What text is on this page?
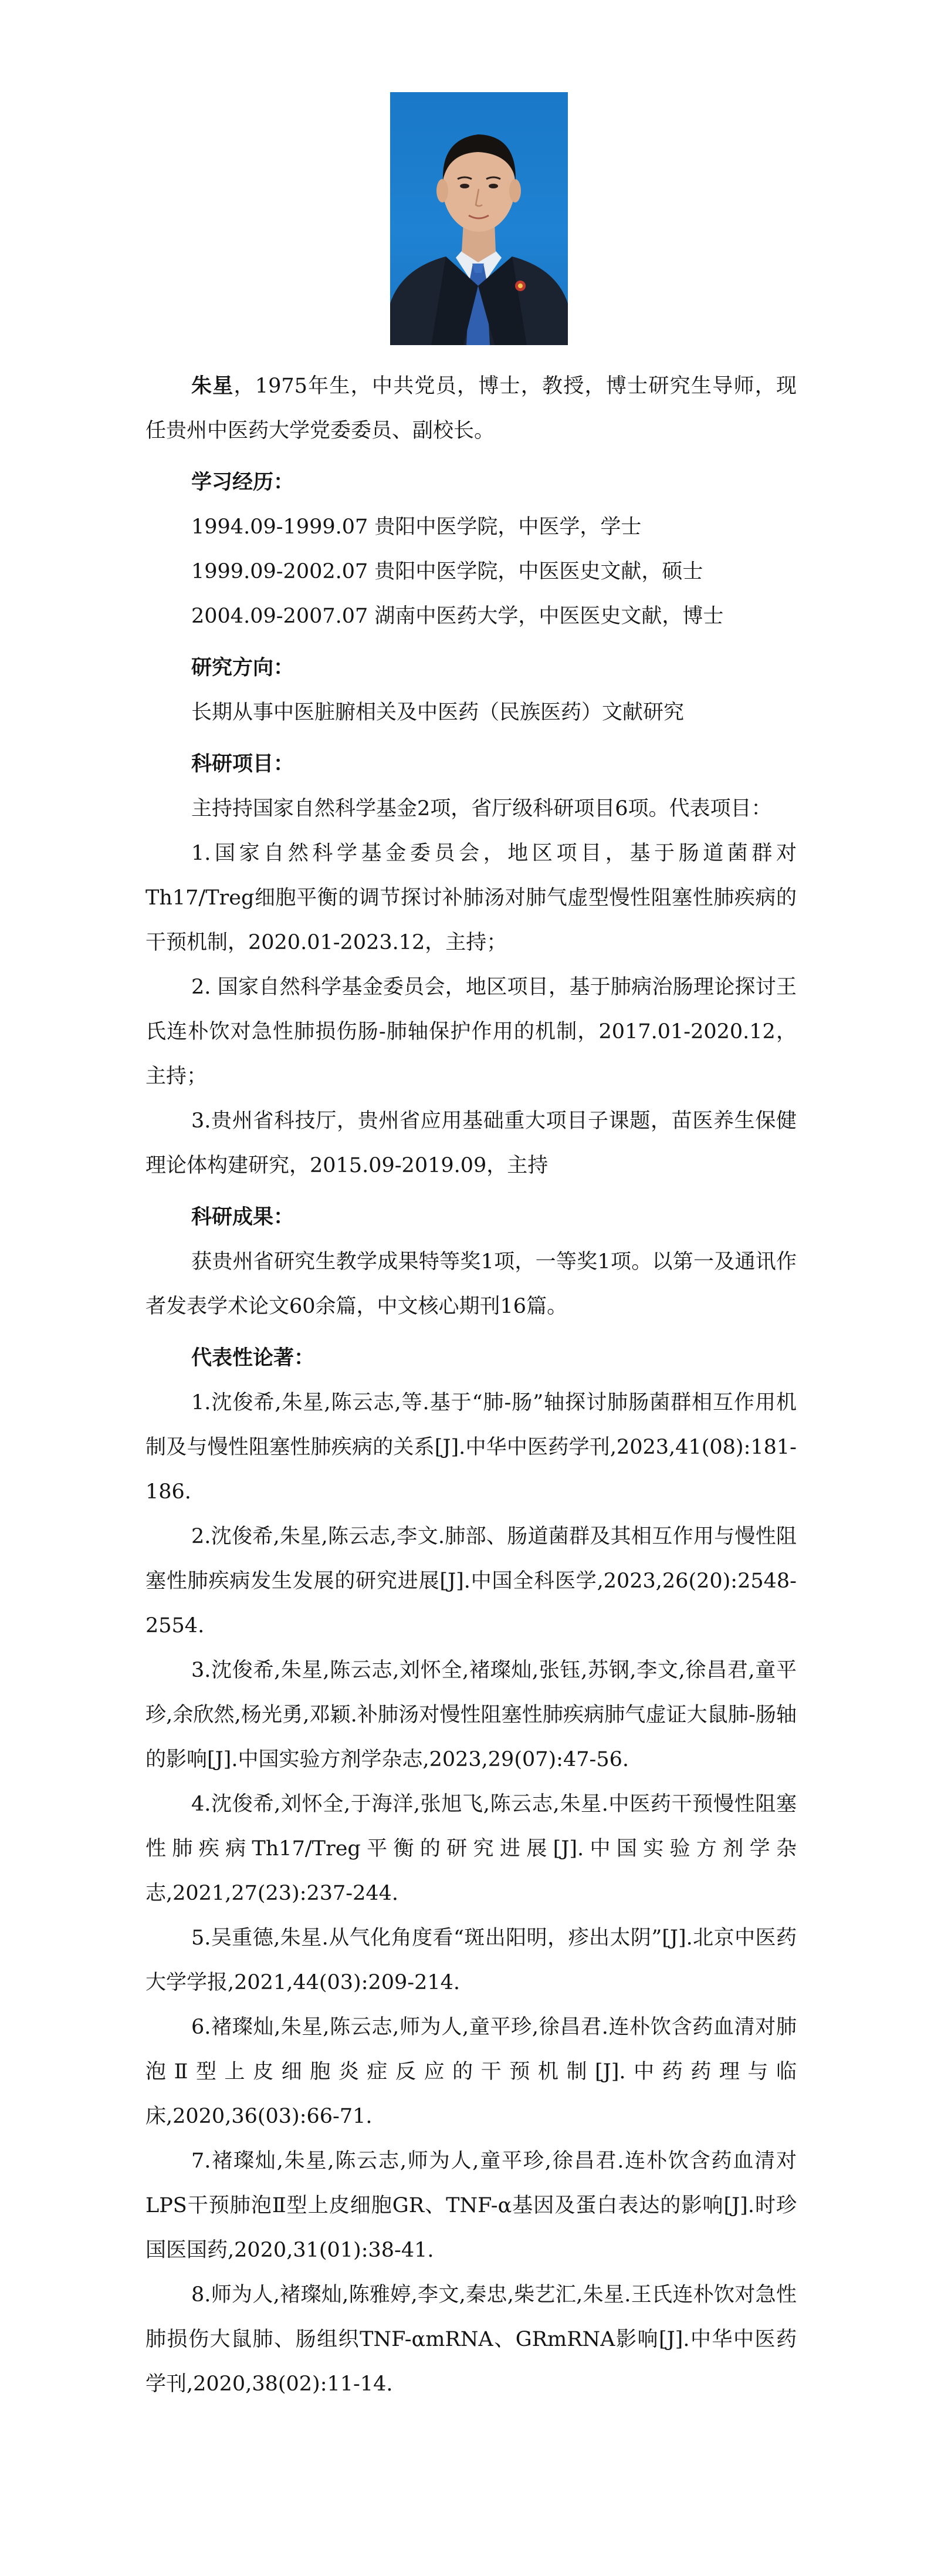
朱星，1975年生，中共党员，博士，教授，博士研究生导师，现任贵州中医药大学党委委员、副校长。

学习经历：
1994.09-1999.07 贵阳中医学院，中医学，学士
1999.09-2002.07 贵阳中医学院，中医医史文献，硕士
2004.09-2007.07 湖南中医药大学，中医医史文献，博士
研究方向：
长期从事中医脏腑相关及中医药（民族医药）文献研究
科研项目：

主持持国家自然科学基金2项，省厅级科研项目6项。代表项目：

1.国家自然科学基金委员会，地区项目，基于肠道菌群对Th17/Treg细胞平衡的调节探讨补肺汤对肺气虚型慢性阻塞性肺疾病的干预机制，2020.01-2023.12，主持；

2. 国家自然科学基金委员会，地区项目，基于肺病治肠理论探讨王氏连朴饮对急性肺损伤肠-肺轴保护作用的机制，2017.01-2020.12，主持；

3.贵州省科技厅，贵州省应用基础重大项目子课题，苗医养生保健理论体构建研究，2015.09-2019.09，主持

科研成果：

获贵州省研究生教学成果特等奖1项，一等奖1项。以第一及通讯作者发表学术论文60余篇，中文核心期刊16篇。

代表性论著：

1.沈俊希,朱星,陈云志,等.基于“肺-肠”轴探讨肺肠菌群相互作用机制及与慢性阻塞性肺疾病的关系[J].中华中医药学刊,2023,41(08):181-186.

2.沈俊希,朱星,陈云志,李文.肺部、肠道菌群及其相互作用与慢性阻塞性肺疾病发生发展的研究进展[J].中国全科医学,2023,26(20):2548-2554.

3.沈俊希,朱星,陈云志,刘怀全,褚璨灿,张钰,苏钢,李文,徐昌君,童平珍,余欣然,杨光勇,邓颖.补肺汤对慢性阻塞性肺疾病肺气虚证大鼠肺-肠轴的影响[J].中国实验方剂学杂志,2023,29(07):47-56.

4.沈俊希,刘怀全,于海洋,张旭飞,陈云志,朱星.中医药干预慢性阻塞性肺疾病Th17/Treg平衡的研究进展[J].中国实验方剂学杂志,2021,27(23):237-244.

5.吴重德,朱星.从气化角度看“斑出阳明，疹出太阴”[J].北京中医药大学学报,2021,44(03):209-214.

6.褚璨灿,朱星,陈云志,师为人,童平珍,徐昌君.连朴饮含药血清对肺泡Ⅱ型上皮细胞炎症反应的干预机制[J].中药药理与临床,2020,36(03):66-71.

7.褚璨灿,朱星,陈云志,师为人,童平珍,徐昌君.连朴饮含药血清对LPS干预肺泡Ⅱ型上皮细胞GR、TNF-α基因及蛋白表达的影响[J].时珍国医国药,2020,31(01):38-41.

8.师为人,褚璨灿,陈雅婷,李文,秦忠,柴艺汇,朱星.王氏连朴饮对急性肺损伤大鼠肺、肠组织TNF-αmRNA、GRmRNA影响[J].中华中医药学刊,2020,38(02):11-14.
